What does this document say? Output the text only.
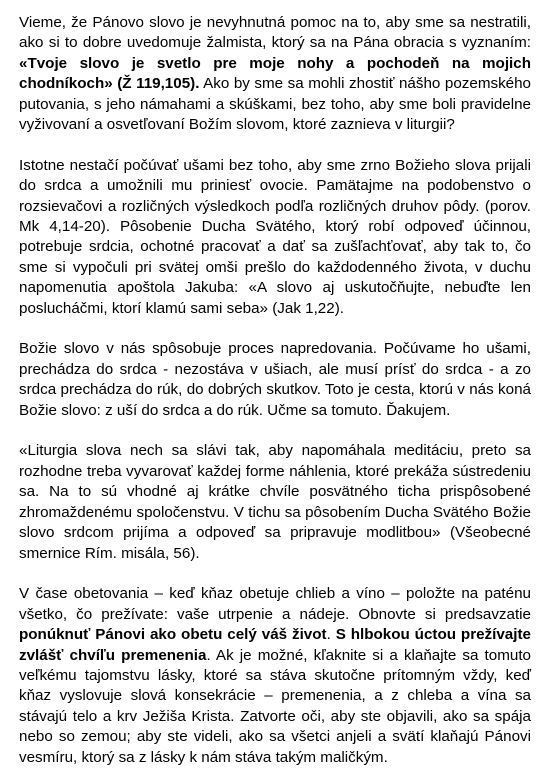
Vieme, že Pánovo slovo je nevyhnutná pomoc na to, aby sme sa nestratili, ako si to dobre uvedomuje žalmista, ktorý sa na Pána obracia s vyznaním: «Tvoje slovo je svetlo pre moje nohy a pochodeň na mojich chodníkoch» (Ž 119,105). Ako by sme sa mohli zhostiť nášho pozemského putovania, s jeho námahami a skúškami, bez toho, aby sme boli pravidelne vyživovaní a osvetľovaní Božím slovom, ktoré zaznieva v liturgii?

Istotne nestačí počúvať ušami bez toho, aby sme zrno Božieho slova prijali do srdca a umožnili mu priniesť ovocie. Pamätajme na podobenstvo o rozsievačovi a rozličných výsledkoch podľa rozličných druhov pôdy. (porov. Mk 4,14-20). Pôsobenie Ducha Svätého, ktorý robí odpoveď účinnou, potrebuje srdcia, ochotné pracovať a dať sa zušľachťovať, aby tak to, čo sme si vypočuli pri svätej omši prešlo do každodenného života, v duchu napomenutia apoštola Jakuba: «A slovo aj uskutočňujte, nebuďte len poslucháčmi, ktorí klamú sami seba» (Jak 1,22).

Božie slovo v nás spôsobuje proces napredovania. Počúvame ho ušami, prechádza do srdca - nezostáva v ušiach, ale musí prísť do srdca - a zo srdca prechádza do rúk, do dobrých skutkov. Toto je cesta, ktorú v nás koná Božie slovo: z uší do srdca a do rúk. Učme sa tomuto. Ďakujem.

«Liturgia slova nech sa slávi tak, aby napomáhala meditáciu, preto sa rozhodne treba vyvarovať každej forme náhlenia, ktoré prekáža sústredeniu sa. Na to sú vhodné aj krátke chvíle posvätného ticha prispôsobené zhromaždenému spoločenstvu. V tichu sa pôsobením Ducha Svätého Božie slovo srdcom prijíma a odpoveď sa pripravuje modlitbou» (Všeobecné smernice Rím. misála, 56).

V čase obetovania – keď kňaz obetuje chlieb a víno – položte na paténu všetko, čo prežívate: vaše utrpenie a nádeje. Obnovte si predsavzatie ponúknuť Pánovi ako obetu celý váš život. S hlbokou úctou prežívajte zvlášť chvíľu premenenia. Ak je možné, kľaknite si a klaňajte sa tomuto veľkému tajomstvu lásky, ktoré sa stáva skutočne prítomným vždy, keď kňaz vyslovuje slová konsekrácie – premenenia, a z chleba a vína sa stávajú telo a krv Ježiša Krista. Zatvorte oči, aby ste objavili, ako sa spája nebo so zemou; aby ste videli, ako sa všetci anjeli a svätí klaňajú Pánovi vesmíru, ktorý sa z lásky k nám stáva takým maličkým.
